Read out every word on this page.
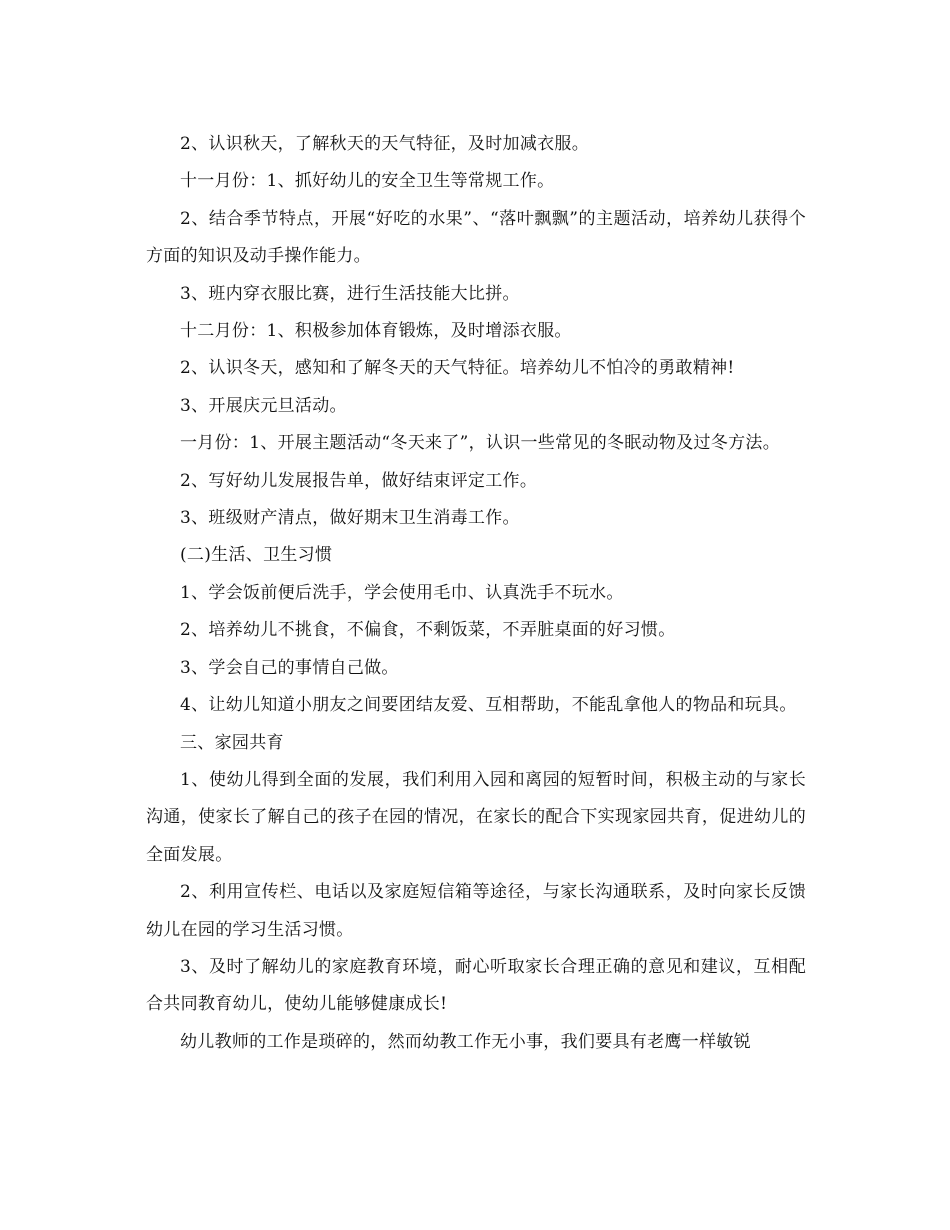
2、认识秋天，了解秋天的天气特征，及时加减衣服。

十一月份：1、抓好幼儿的安全卫生等常规工作。

2、结合季节特点，开展“好吃的水果”、“落叶飘飘”的主题活动，培养幼儿获得个方面的知识及动手操作能力。

3、班内穿衣服比赛，进行生活技能大比拼。

十二月份：1、积极参加体育锻炼，及时增添衣服。

2、认识冬天，感知和了解冬天的天气特征。培养幼儿不怕冷的勇敢精神!

3、开展庆元旦活动。

一月份：1、开展主题活动“冬天来了”，认识一些常见的冬眠动物及过冬方法。

2、写好幼儿发展报告单，做好结束评定工作。

3、班级财产清点，做好期末卫生消毒工作。

(二)生活、卫生习惯

1、学会饭前便后洗手，学会使用毛巾、认真洗手不玩水。

2、培养幼儿不挑食，不偏食，不剩饭菜，不弄脏桌面的好习惯。

3、学会自己的事情自己做。

4、让幼儿知道小朋友之间要团结友爱、互相帮助，不能乱拿他人的物品和玩具。

三、家园共育

1、使幼儿得到全面的发展，我们利用入园和离园的短暂时间，积极主动的与家长沟通，使家长了解自己的孩子在园的情况，在家长的配合下实现家园共育，促进幼儿的全面发展。

2、利用宣传栏、电话以及家庭短信箱等途径，与家长沟通联系，及时向家长反馈幼儿在园的学习生活习惯。

3、及时了解幼儿的家庭教育环境，耐心听取家长合理正确的意见和建议，互相配合共同教育幼儿，使幼儿能够健康成长!

幼儿教师的工作是琐碎的，然而幼教工作无小事，我们要具有老鹰一样敏锐
